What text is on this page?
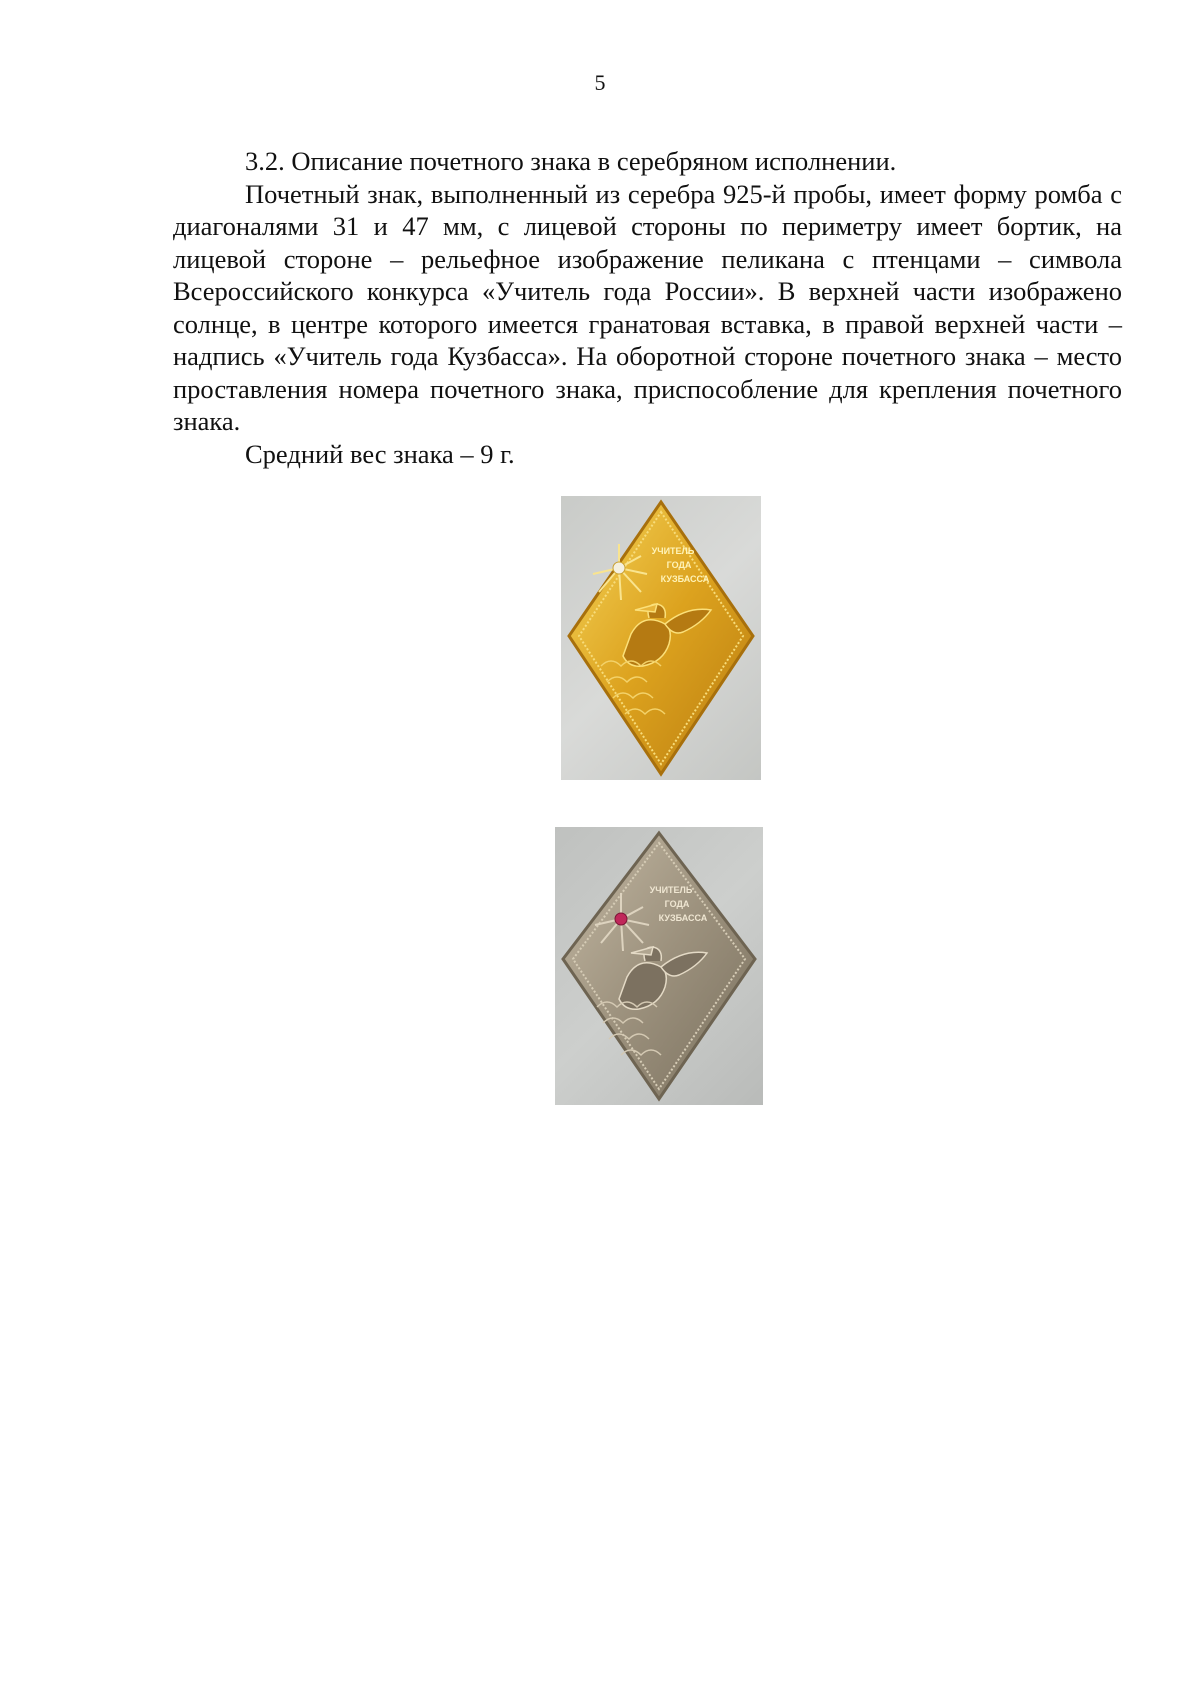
5

3.2. Описание почетного знака в серебряном исполнении.

Почетный знак, выполненный из серебра 925-й пробы, имеет форму ромба с диагоналями 31 и 47 мм, с лицевой стороны по периметру имеет бортик, на лицевой стороне – рельефное изображение пеликана с птенцами – символа Всероссийского конкурса «Учитель года России». В верхней части изображено солнце, в центре которого имеется гранатовая вставка, в правой верхней части – надпись «Учитель года Кузбасса». На оборотной стороне почетного знака – место проставления номера почетного знака, приспособление для крепления почетного знака.

Средний вес знака – 9 г.

УЧИТЕЛЬ
ГОДА
КУЗБАССА
УЧИТЕЛЬ
ГОДА
КУЗБАССА
